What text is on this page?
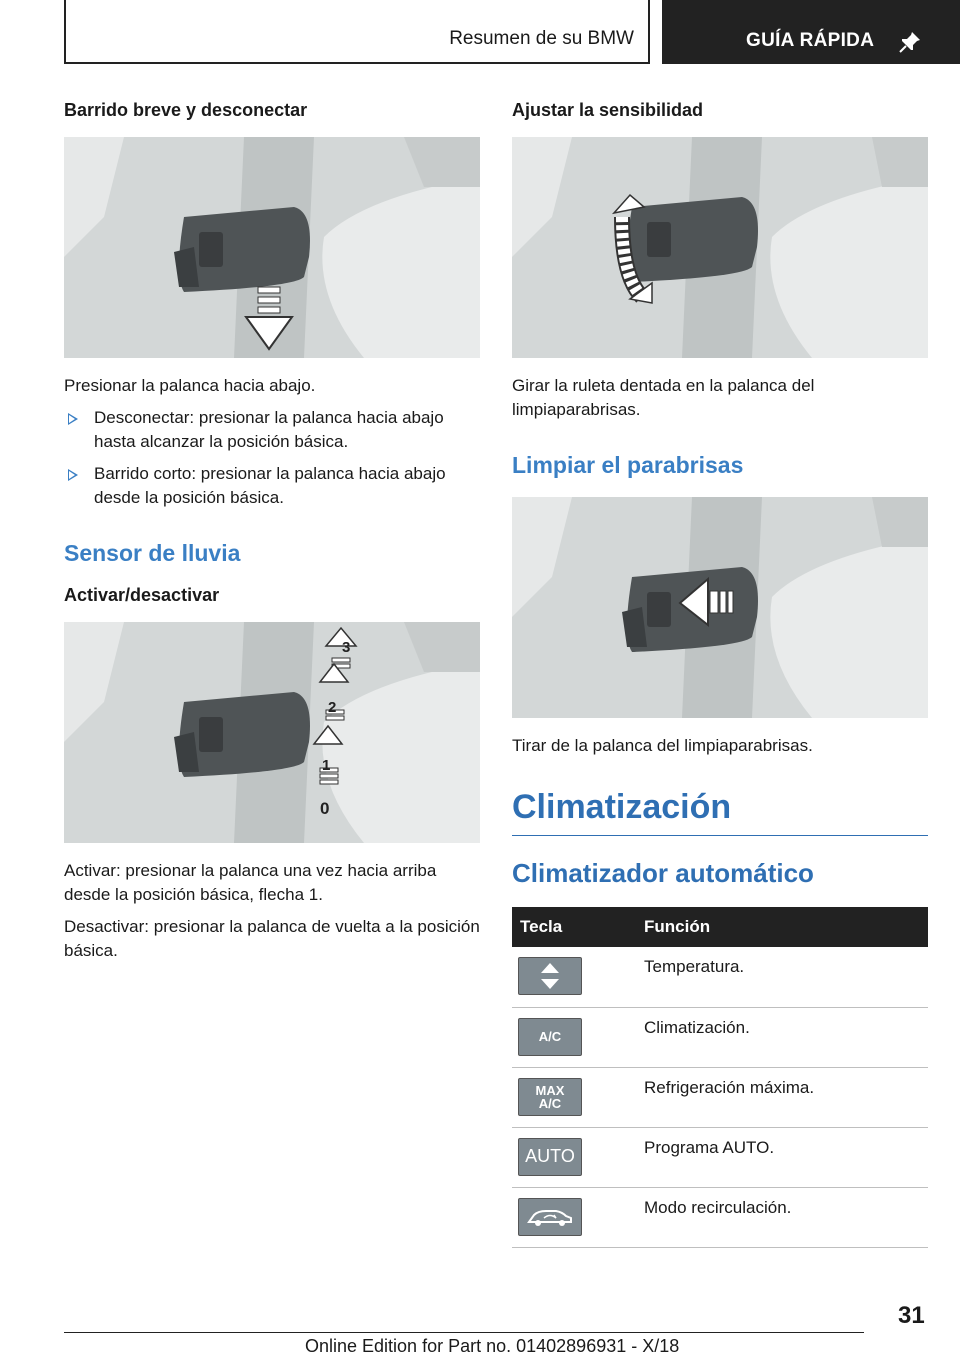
Resumen de su BMW	GUÍA RÁPIDA
Barrido breve y desconectar
Presionar la palanca hacia abajo.
Desconectar: presionar la palanca hacia abajo hasta alcanzar la posición básica.
Barrido corto: presionar la palanca hacia abajo desde la posición básica.
Sensor de lluvia
Activar/desactivar
3
2
1
0
Activar: presionar la palanca una vez hacia arriba desde la posición básica, flecha 1.
Desactivar: presionar la palanca de vuelta a la posición básica.
Ajustar la sensibilidad
Girar la ruleta dentada en la palanca del limpiaparabrisas.
Limpiar el parabrisas
Tirar de la palanca del limpiaparabrisas.
Climatización
Climatizador automático
Tecla	Función

	Temperatura.

A/C	Climatización.

MAX
A/C	Refrigeración máxima.

AUTO	Programa AUTO.

	Modo recirculación.
31
Online Edition for Part no. 01402896931 - X/18
